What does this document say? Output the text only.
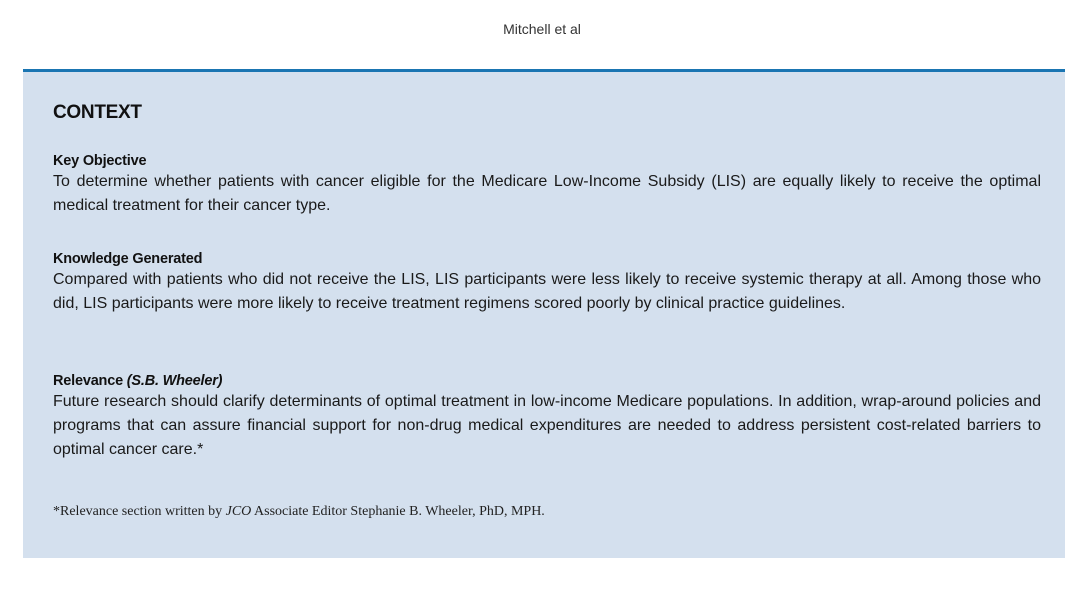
Mitchell et al
CONTEXT
Key Objective

To determine whether patients with cancer eligible for the Medicare Low-Income Subsidy (LIS) are equally likely to receive the optimal medical treatment for their cancer type.

Knowledge Generated

Compared with patients who did not receive the LIS, LIS participants were less likely to receive systemic therapy at all. Among those who did, LIS participants were more likely to receive treatment regimens scored poorly by clinical practice guidelines.

Relevance (S.B. Wheeler)

Future research should clarify determinants of optimal treatment in low-income Medicare populations. In addition, wrap-around policies and programs that can assure financial support for non-drug medical expenditures are needed to address persistent cost-related barriers to optimal cancer care.*

*Relevance section written by JCO Associate Editor Stephanie B. Wheeler, PhD, MPH.
